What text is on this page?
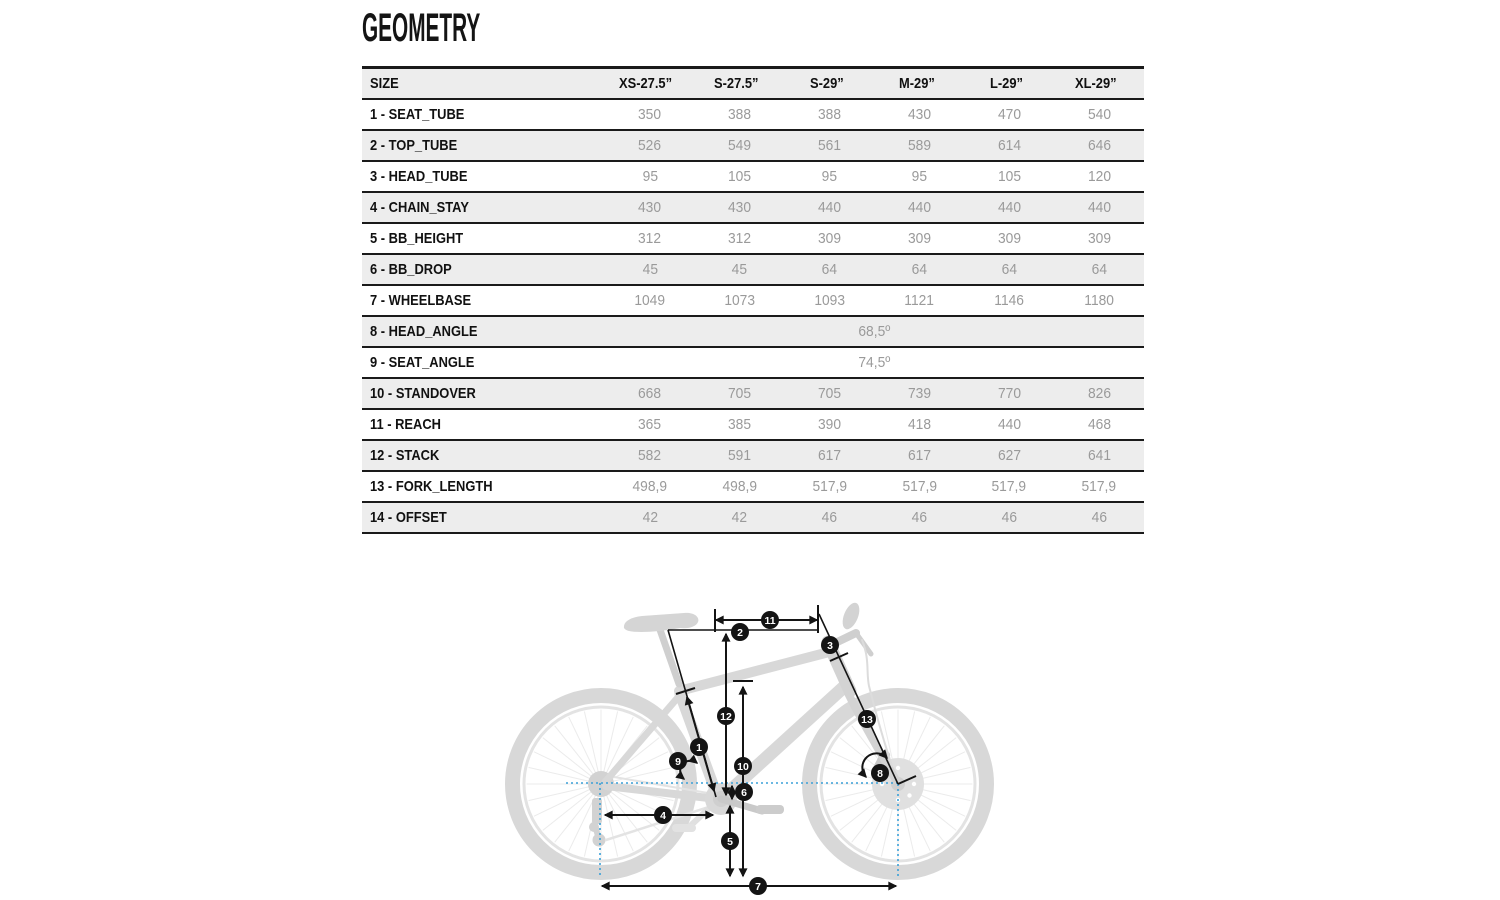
1
2
3
4
5
6
7
8
9	10
11
12	13
GEOMETRY
SIZE	XS-27.5”	S-27.5”	S-29”	M-29”	L-29”	XL-29”
1 - SEAT_TUBE	350	388	388	430	470	540
2 - TOP_TUBE	526	549	561	589	614	646
3 - HEAD_TUBE	95	105	95	95	105	120
4 - CHAIN_STAY	430	430	440	440	440	440
5 - BB_HEIGHT	312	312	309	309	309	309
6 - BB_DROP	45	45	64	64	64	64
7 - WHEELBASE	1049	1073	1093	1121	1146	1180
8 - HEAD_ANGLE	68,5º					
9 - SEAT_ANGLE	74,5º					
10 - STANDOVER	668	705	705	739	770	826
11 - REACH	365	385	390	418	440	468
12 - STACK	582	591	617	617	627	641
13 - FORK_LENGTH	498,9	498,9	517,9	517,9	517,9	517,9
14 - OFFSET	42	42	46	46	46	46
